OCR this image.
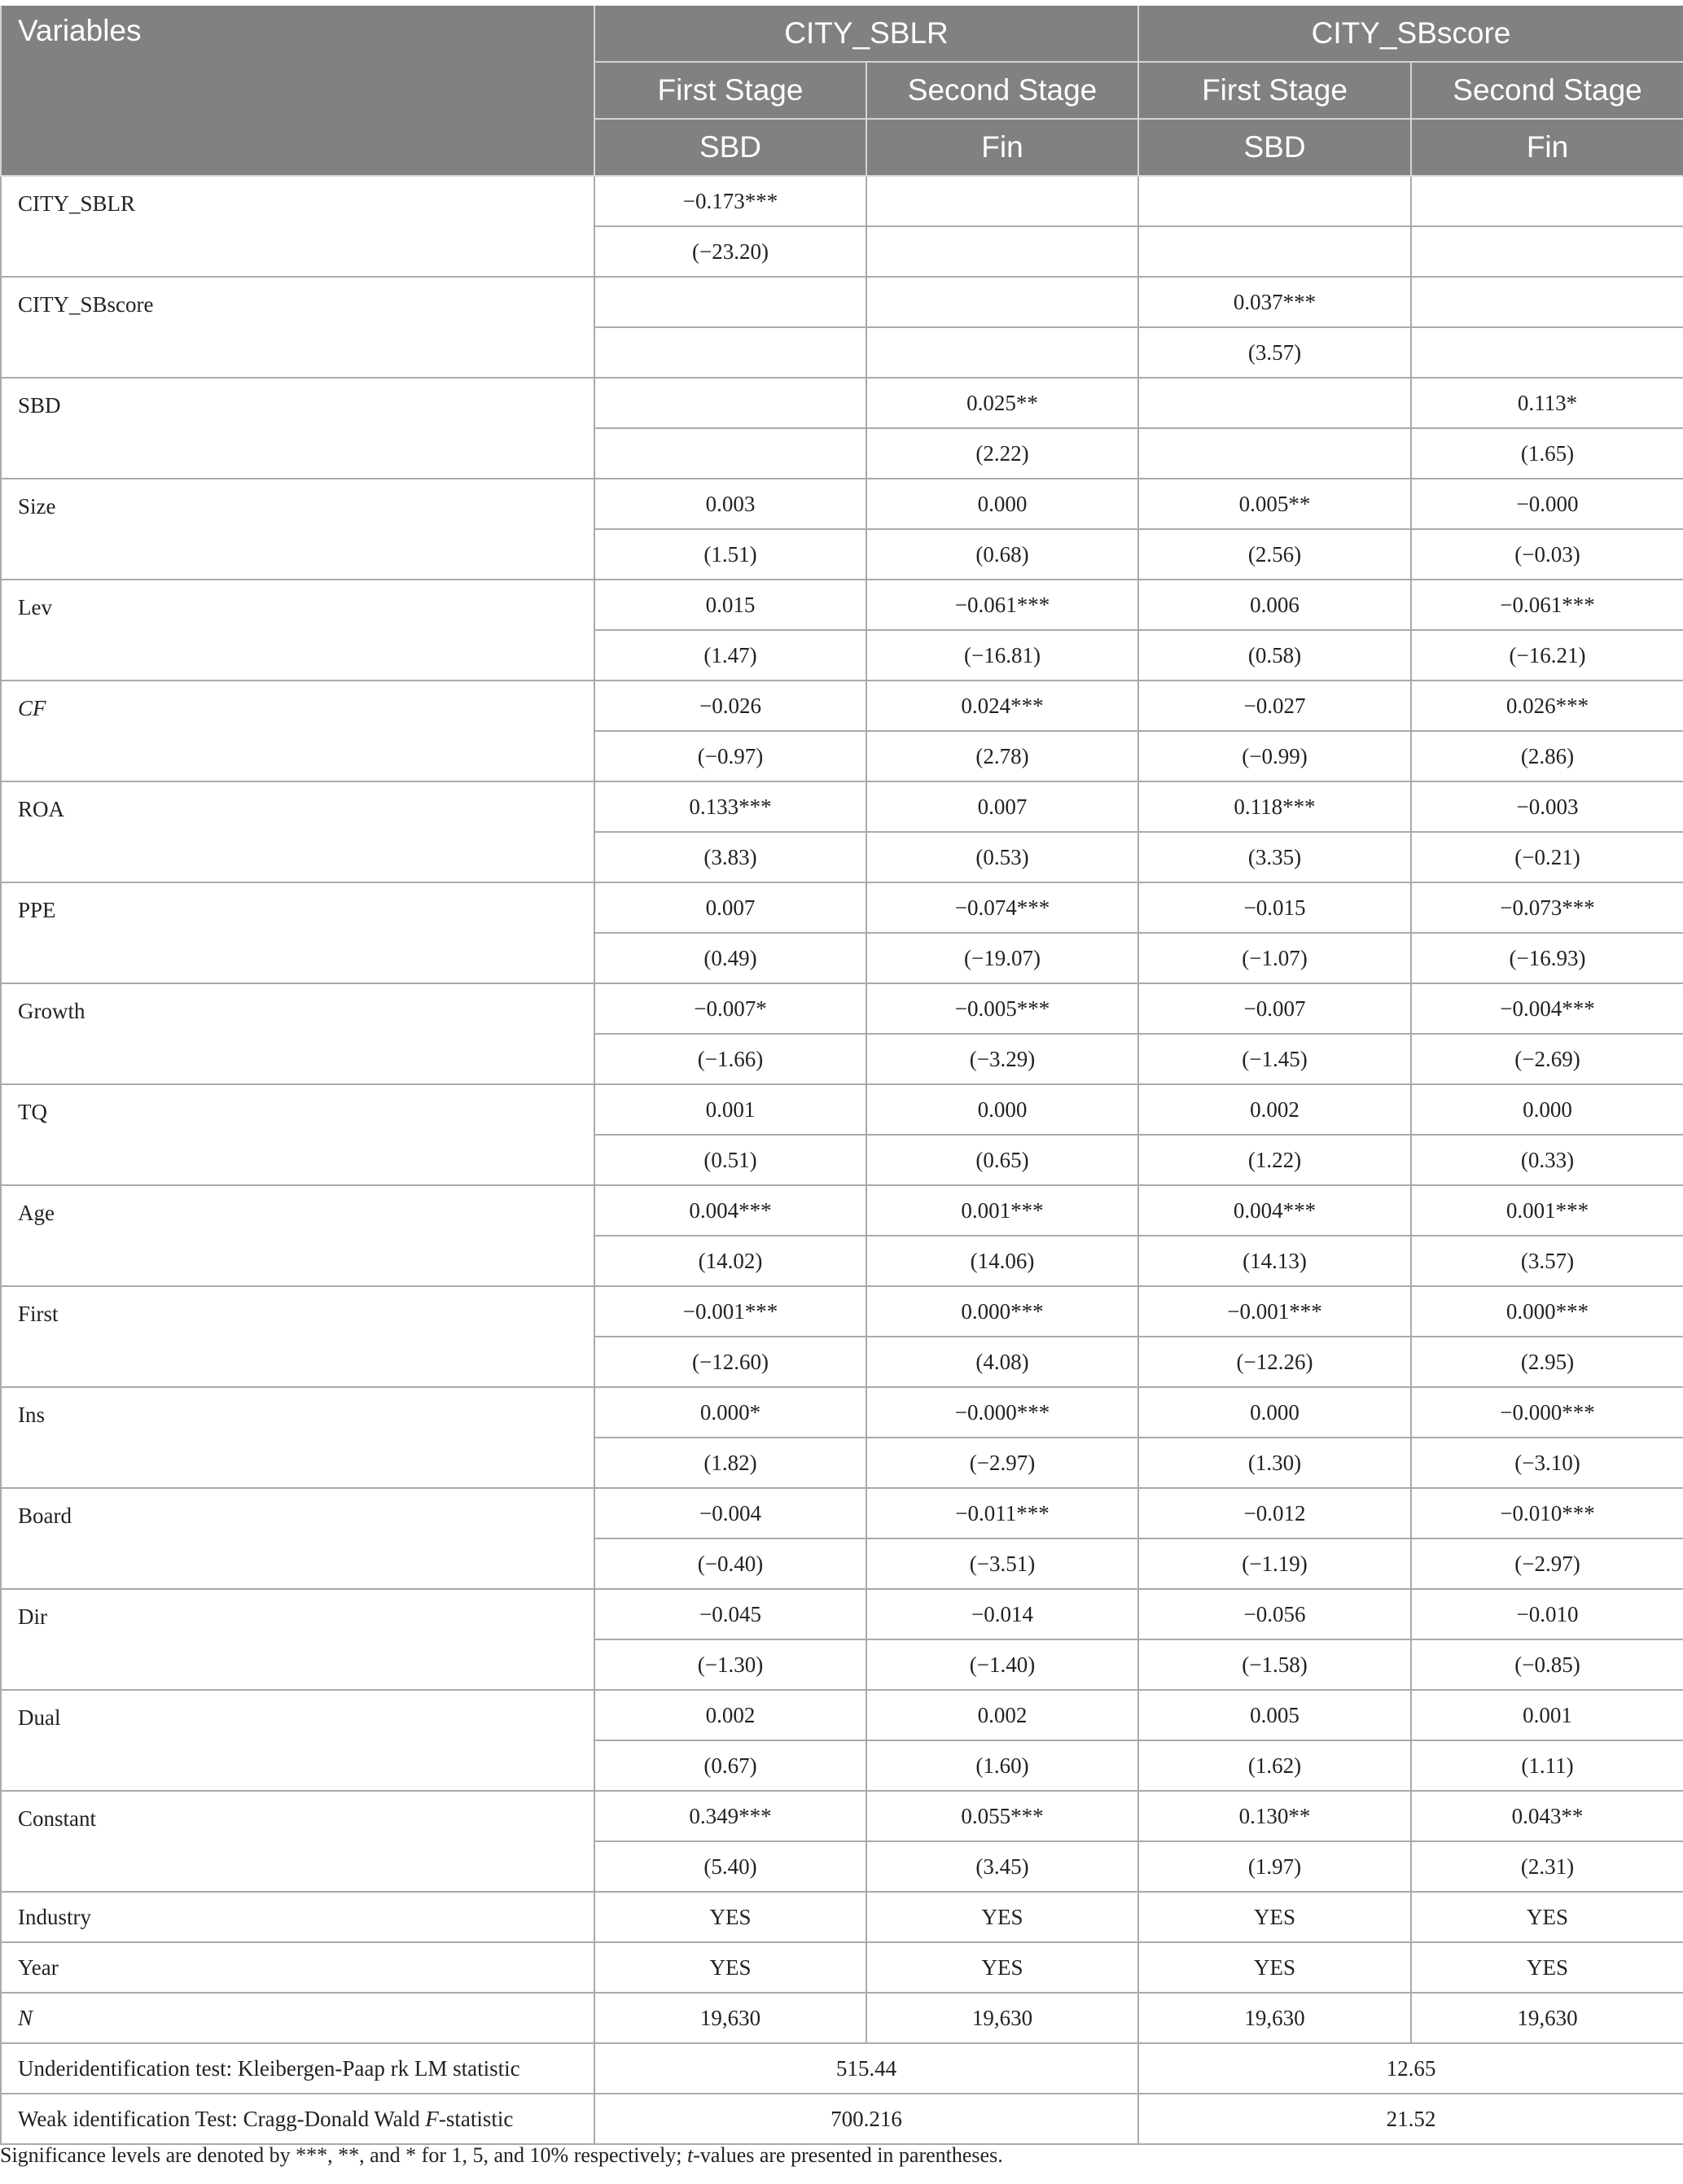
Variables	CITY_SBLR		CITY_SBscore	
	First Stage	Second Stage	First Stage	Second Stage
	SBD	Fin	SBD	Fin
CITY_SBLR	−0.173***			
	(−23.20)			
CITY_SBscore			0.037***	
			(3.57)	
SBD		0.025**		0.113*
		(2.22)		(1.65)
Size	0.003	0.000	0.005**	−0.000
	(1.51)	(0.68)	(2.56)	(−0.03)
Lev	0.015	−0.061***	0.006	−0.061***
	(1.47)	(−16.81)	(0.58)	(−16.21)
CF	−0.026	0.024***	−0.027	0.026***
	(−0.97)	(2.78)	(−0.99)	(2.86)
ROA	0.133***	0.007	0.118***	−0.003
	(3.83)	(0.53)	(3.35)	(−0.21)
PPE	0.007	−0.074***	−0.015	−0.073***
	(0.49)	(−19.07)	(−1.07)	(−16.93)
Growth	−0.007*	−0.005***	−0.007	−0.004***
	(−1.66)	(−3.29)	(−1.45)	(−2.69)
TQ	0.001	0.000	0.002	0.000
	(0.51)	(0.65)	(1.22)	(0.33)
Age	0.004***	0.001***	0.004***	0.001***
	(14.02)	(14.06)	(14.13)	(3.57)
First	−0.001***	0.000***	−0.001***	0.000***
	(−12.60)	(4.08)	(−12.26)	(2.95)
Ins	0.000*	−0.000***	0.000	−0.000***
	(1.82)	(−2.97)	(1.30)	(−3.10)
Board	−0.004	−0.011***	−0.012	−0.010***
	(−0.40)	(−3.51)	(−1.19)	(−2.97)
Dir	−0.045	−0.014	−0.056	−0.010
	(−1.30)	(−1.40)	(−1.58)	(−0.85)
Dual	0.002	0.002	0.005	0.001
	(0.67)	(1.60)	(1.62)	(1.11)
Constant	0.349***	0.055***	0.130**	0.043**
	(5.40)	(3.45)	(1.97)	(2.31)
Industry	YES	YES	YES	YES
Year	YES	YES	YES	YES
N	19,630	19,630	19,630	19,630
Underidentification test: Kleibergen-Paap rk LM statistic	515.44		12.65	
Weak identification Test: Cragg-Donald Wald F-statistic	700.216		21.52	
Significance levels are denoted by ***, **, and * for 1, 5, and 10% respectively; t-values are presented in parentheses.
